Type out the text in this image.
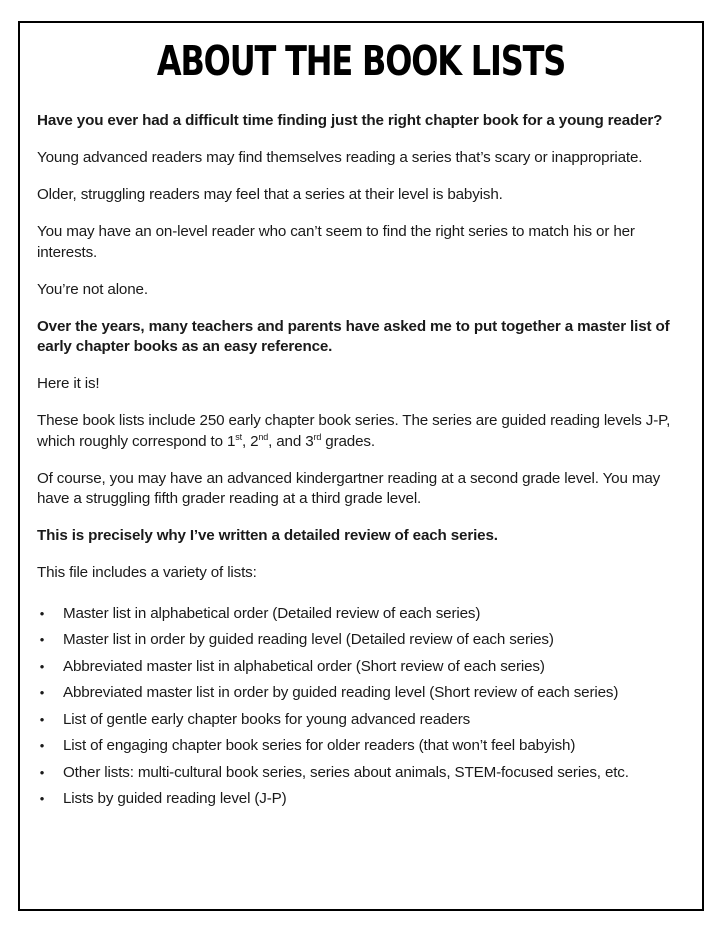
ABOUT THE BOOK LISTS

Have you ever had a difficult time finding just the right chapter book for a young reader?

Young advanced readers may find themselves reading a series that’s scary or inappropriate.

Older, struggling readers may feel that a series at their level is babyish.

You may have an on-level reader who can’t seem to find the right series to match his or her interests.

You’re not alone.

Over the years, many teachers and parents have asked me to put together a master list of early chapter books as an easy reference.

Here it is!

These book lists include 250 early chapter book series. The series are guided reading levels J-P, which roughly correspond to 1st, 2nd, and 3rd grades.

Of course, you may have an advanced kindergartner reading at a second grade level. You may have a struggling fifth grader reading at a third grade level.

This is precisely why I’ve written a detailed review of each series.

This file includes a variety of lists:

• Master list in alphabetical order (Detailed review of each series)
• Master list in order by guided reading level (Detailed review of each series)
• Abbreviated master list in alphabetical order (Short review of each series)
• Abbreviated master list in order by guided reading level (Short review of each series)
• List of gentle early chapter books for young advanced readers
• List of engaging chapter book series for older readers (that won’t feel babyish)
• Other lists: multi-cultural book series, series about animals, STEM-focused series, etc.
• Lists by guided reading level (J-P)
